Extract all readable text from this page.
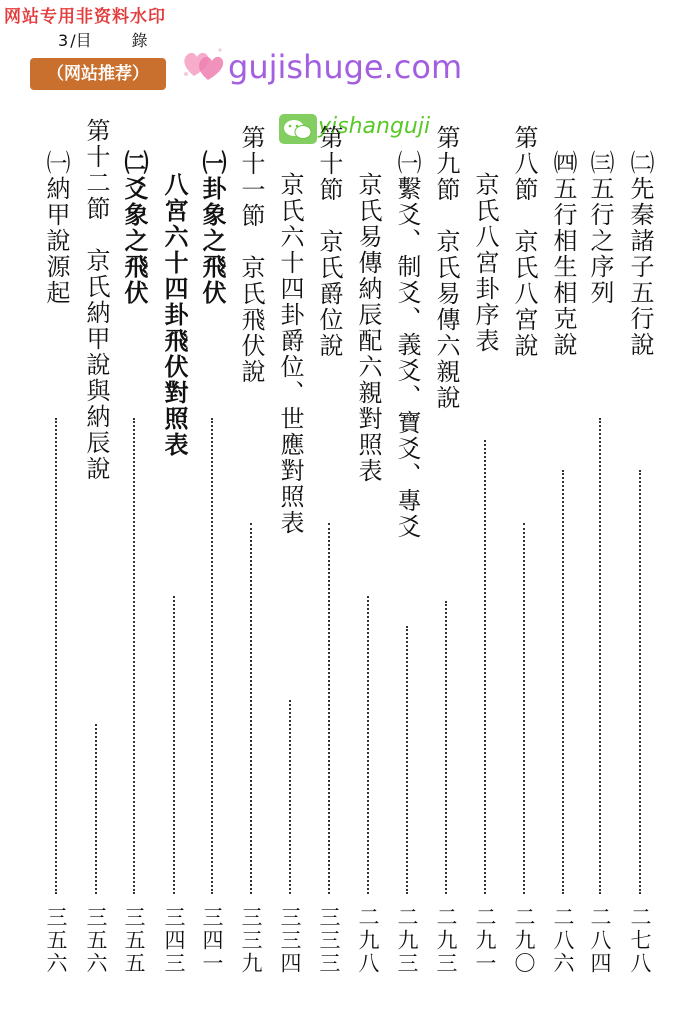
网站专用非资料水印
3 /目	錄
（网站推荐）	gujishuge.com
yishanguji
㈡先秦諸子五行說
二七八
㈢五行之序列
二八四
㈣五行相生相克說
二八六
第八節　京氏八宮說
二九〇
京氏八宮卦序表
二九一
第九節　京氏易傳六親說
二九三
㈠繫爻、制爻、義爻、寶爻、專爻
二九三
京氏易傳納辰配六親對照表
二九八
第十節　京氏爵位說
三三三
京氏六十四卦爵位、世應對照表
三三四
第十一節　京氏飛伏說
三三九
㈠卦象之飛伏
三四一
八宮六十四卦飛伏對照表
三四三
㈡爻象之飛伏
三五五
第十二節　京氏納甲說與納辰說
三五六
㈠納甲說源起
三五六
